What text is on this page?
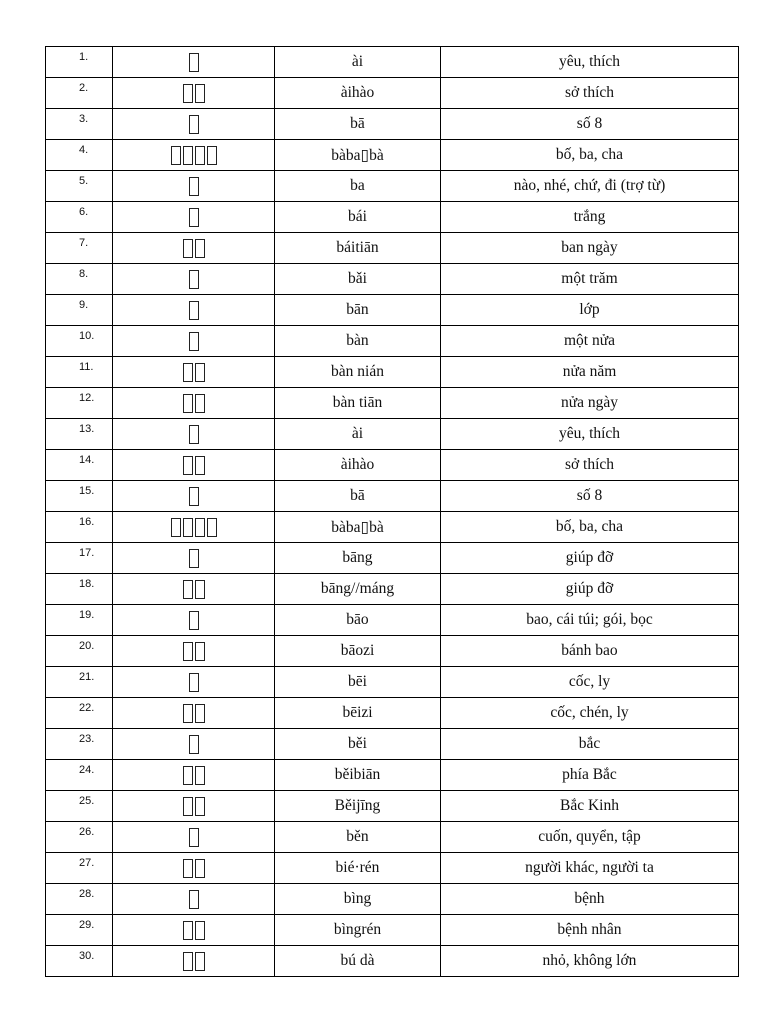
1.		ài	yêu, thích
2.		àihào	sở thích
3.		bā	số 8
4.		bàba▯bà	bố, ba, cha
5.		ba	nào, nhé, chứ, đi (trợ từ)
6.		bái	trắng
7.		báitiān	ban ngày
8.		bǎi	một trăm
9.		bān	lớp
10.		bàn	một nửa
11.		bàn nián	nửa năm
12.		bàn tiān	nửa ngày
13.		ài	yêu, thích
14.		àihào	sở thích
15.		bā	số 8
16.		bàba▯bà	bố, ba, cha
17.		bāng	giúp đỡ
18.		bāng//máng	giúp đỡ
19.		bāo	bao, cái túi; gói, bọc
20.		bāozi	bánh bao
21.		bēi	cốc, ly
22.		bēizi	cốc, chén, ly
23.		běi	bắc
24.		běibiān	phía Bắc
25.		Běijīng	Bắc Kinh
26.		běn	cuốn, quyển, tập
27.		bié·rén	người khác, người ta
28.		bìng	bệnh
29.		bìngrén	bệnh nhân
30.		bú dà	nhỏ, không lớn
